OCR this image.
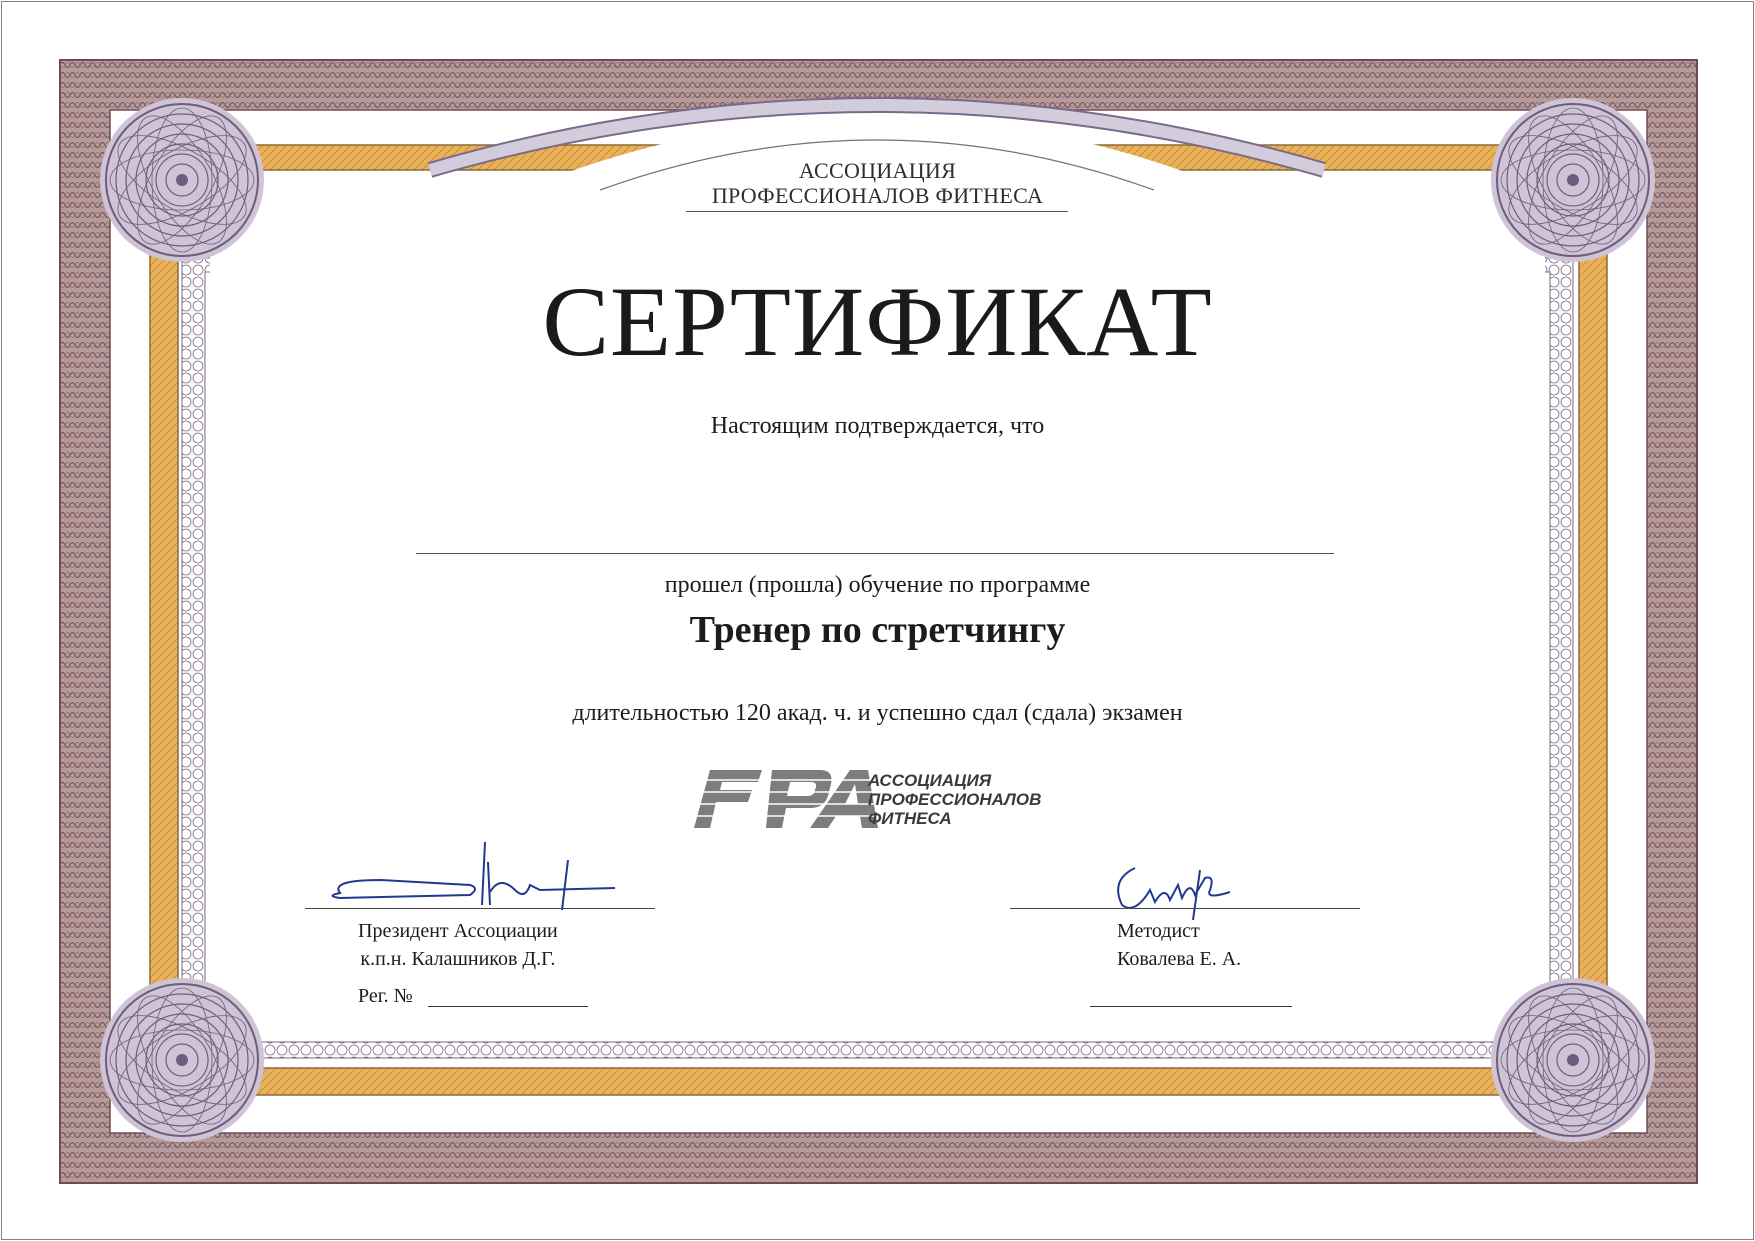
АССОЦИАЦИЯ
ПРОФЕССИОНАЛОВ ФИТНЕСА
СЕРТИФИКАТ
Настоящим подтверждается, что
прошел (прошла) обучение по программе
Тренер по стретчингу
длительностью 120 акад. ч. и успешно сдал (сдала) экзамен
АССОЦИАЦИЯ
ПРОФЕССИОНАЛОВ
ФИТНЕСА
Президент Ассоциации
к.п.н. Калашников Д.Г.
Рег. №
Методист
Ковалева Е. А.
